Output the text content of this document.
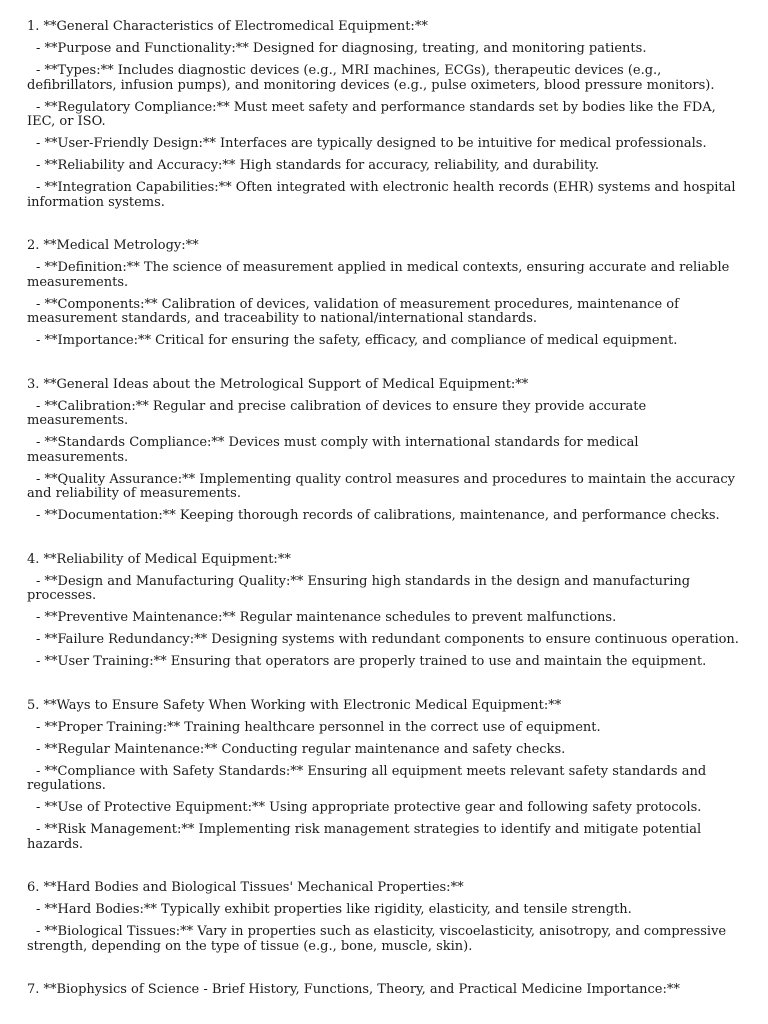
1. **General Characteristics of Electromedical Equipment:**
- **Purpose and Functionality:** Designed for diagnosing, treating, and monitoring patients.
- **Types:** Includes diagnostic devices (e.g., MRI machines, ECGs), therapeutic devices (e.g., defibrillators, infusion pumps), and monitoring devices (e.g., pulse oximeters, blood pressure monitors).
- **Regulatory Compliance:** Must meet safety and performance standards set by bodies like the FDA, IEC, or ISO.
- **User-Friendly Design:** Interfaces are typically designed to be intuitive for medical professionals.
- **Reliability and Accuracy:** High standards for accuracy, reliability, and durability.
- **Integration Capabilities:** Often integrated with electronic health records (EHR) systems and hospital information systems.
2. **Medical Metrology:**
- **Definition:** The science of measurement applied in medical contexts, ensuring accurate and reliable measurements.
- **Components:** Calibration of devices, validation of measurement procedures, maintenance of measurement standards, and traceability to national/international standards.
- **Importance:** Critical for ensuring the safety, efficacy, and compliance of medical equipment.
3. **General Ideas about the Metrological Support of Medical Equipment:**
- **Calibration:** Regular and precise calibration of devices to ensure they provide accurate measurements.
- **Standards Compliance:** Devices must comply with international standards for medical measurements.
- **Quality Assurance:** Implementing quality control measures and procedures to maintain the accuracy and reliability of measurements.
- **Documentation:** Keeping thorough records of calibrations, maintenance, and performance checks.
4. **Reliability of Medical Equipment:**
- **Design and Manufacturing Quality:** Ensuring high standards in the design and manufacturing processes.
- **Preventive Maintenance:** Regular maintenance schedules to prevent malfunctions.
- **Failure Redundancy:** Designing systems with redundant components to ensure continuous operation.
- **User Training:** Ensuring that operators are properly trained to use and maintain the equipment.
5. **Ways to Ensure Safety When Working with Electronic Medical Equipment:**
- **Proper Training:** Training healthcare personnel in the correct use of equipment.
- **Regular Maintenance:** Conducting regular maintenance and safety checks.
- **Compliance with Safety Standards:** Ensuring all equipment meets relevant safety standards and regulations.
- **Use of Protective Equipment:** Using appropriate protective gear and following safety protocols.
- **Risk Management:** Implementing risk management strategies to identify and mitigate potential hazards.
6. **Hard Bodies and Biological Tissues' Mechanical Properties:**
- **Hard Bodies:** Typically exhibit properties like rigidity, elasticity, and tensile strength.
- **Biological Tissues:** Vary in properties such as elasticity, viscoelasticity, anisotropy, and compressive strength, depending on the type of tissue (e.g., bone, muscle, skin).
7. **Biophysics of Science - Brief History, Functions, Theory, and Practical Medicine Importance:**
